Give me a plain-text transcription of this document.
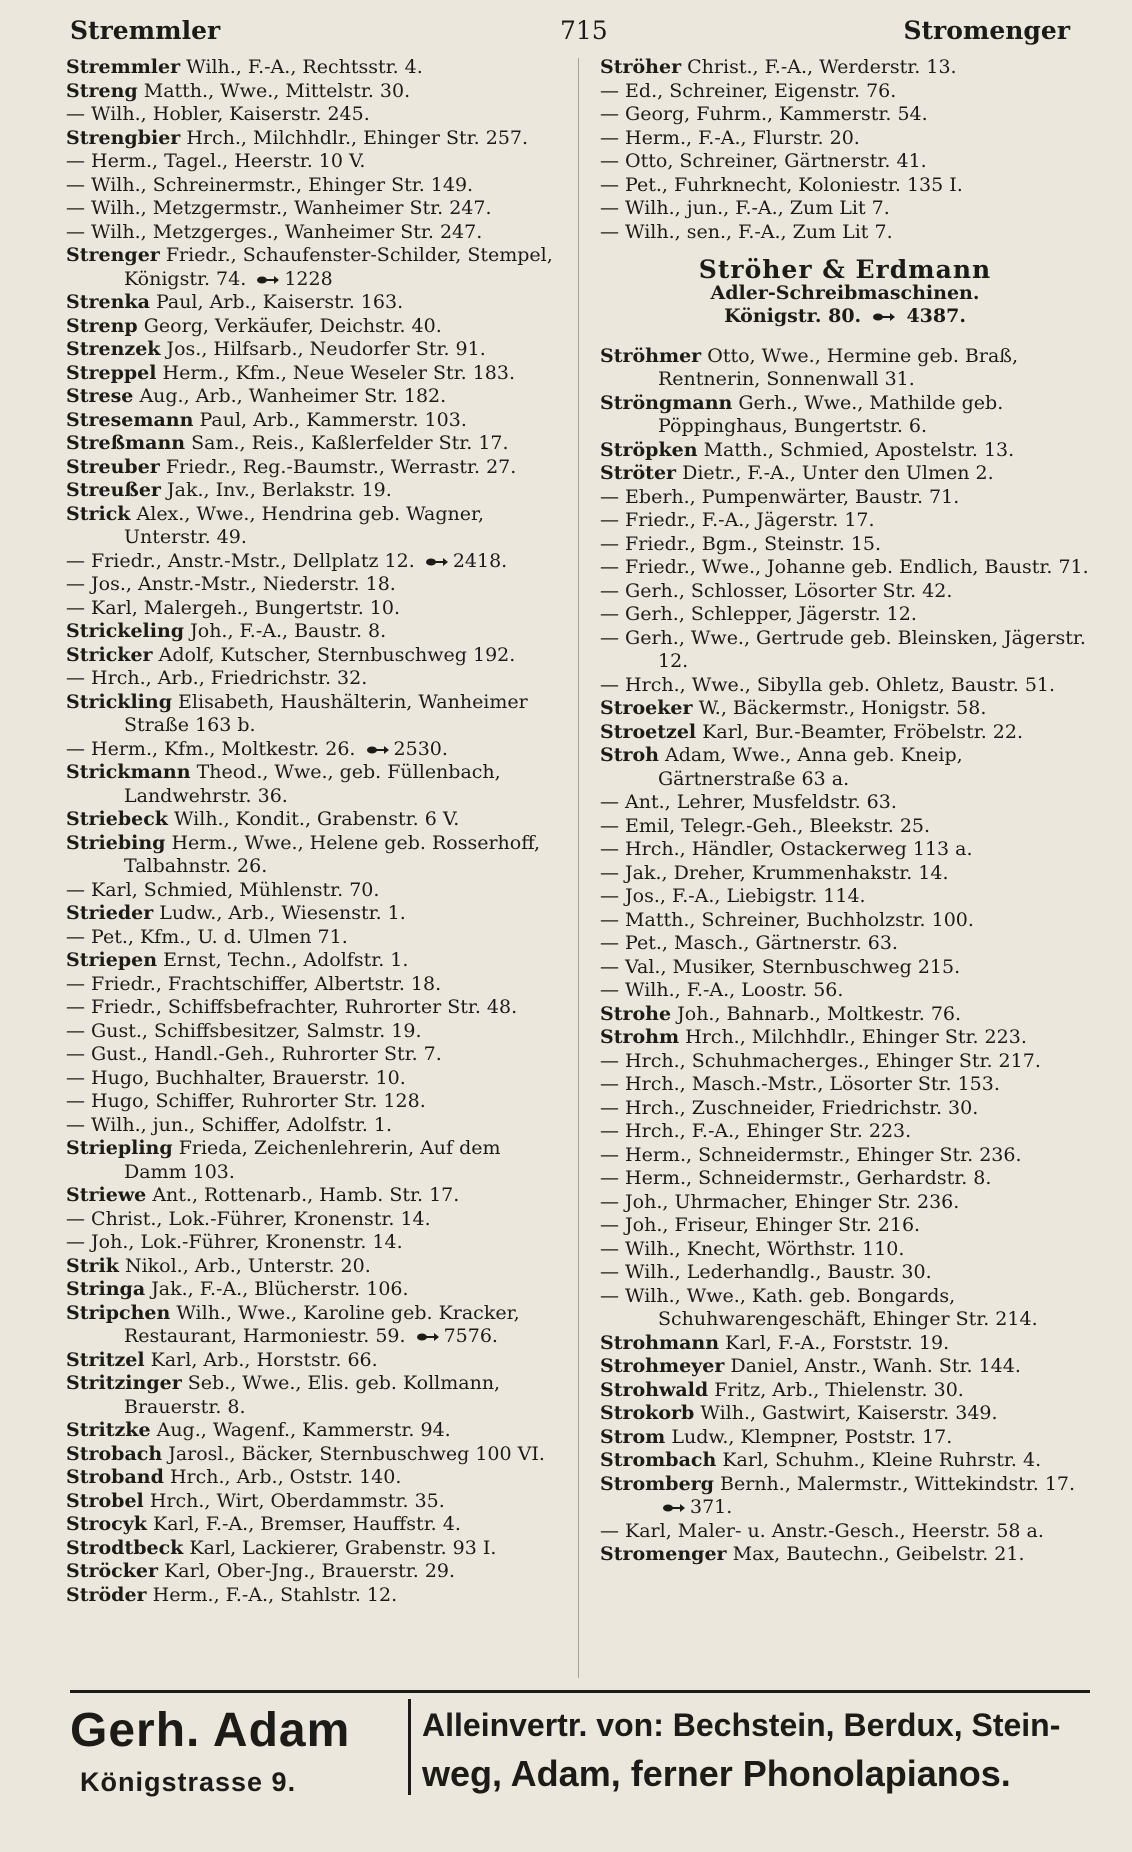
Stremmler	715	Stromenger

Stremmler Wilh., F.-A., Rechtsstr. 4.

Streng Matth., Wwe., Mittelstr. 30.

— Wilh., Hobler, Kaiserstr. 245.

Strengbier Hrch., Milchhdlr., Ehinger Str. 257.

— Herm., Tagel., Heerstr. 10 V.

— Wilh., Schreinermstr., Ehinger Str. 149.

— Wilh., Metzgermstr., Wanheimer Str. 247.

— Wilh., Metzgerges., Wanheimer Str. 247.

Strenger Friedr., Schaufenster-Schilder, Stempel, Königstr. 74. 1228

Strenka Paul, Arb., Kaiserstr. 163.

Strenp Georg, Verkäufer, Deichstr. 40.

Strenzek Jos., Hilfsarb., Neudorfer Str. 91.

Streppel Herm., Kfm., Neue Weseler Str. 183.

Strese Aug., Arb., Wanheimer Str. 182.

Stresemann Paul, Arb., Kammerstr. 103.

Streßmann Sam., Reis., Kaßlerfelder Str. 17.

Streuber Friedr., Reg.-Baumstr., Werrastr. 27.

Streußer Jak., Inv., Berlakstr. 19.

Strick Alex., Wwe., Hendrina geb. Wagner, Unterstr. 49.

— Friedr., Anstr.-Mstr., Dellplatz 12. 2418.

— Jos., Anstr.-Mstr., Niederstr. 18.

— Karl, Malergeh., Bungertstr. 10.

Strickeling Joh., F.-A., Baustr. 8.

Stricker Adolf, Kutscher, Sternbuschweg 192.

— Hrch., Arb., Friedrichstr. 32.

Strickling Elisabeth, Haushälterin, Wanheimer Straße 163 b.

— Herm., Kfm., Moltkestr. 26. 2530.

Strickmann Theod., Wwe., geb. Füllenbach, Landwehrstr. 36.

Striebeck Wilh., Kondit., Grabenstr. 6 V.

Striebing Herm., Wwe., Helene geb. Rosserhoff, Talbahnstr. 26.

— Karl, Schmied, Mühlenstr. 70.

Strieder Ludw., Arb., Wiesenstr. 1.

— Pet., Kfm., U. d. Ulmen 71.

Striepen Ernst, Techn., Adolfstr. 1.

— Friedr., Frachtschiffer, Albertstr. 18.

— Friedr., Schiffsbefrachter, Ruhrorter Str. 48.

— Gust., Schiffsbesitzer, Salmstr. 19.

— Gust., Handl.-Geh., Ruhrorter Str. 7.

— Hugo, Buchhalter, Brauerstr. 10.

— Hugo, Schiffer, Ruhrorter Str. 128.

— Wilh., jun., Schiffer, Adolfstr. 1.

Striepling Frieda, Zeichenlehrerin, Auf dem Damm 103.

Striewe Ant., Rottenarb., Hamb. Str. 17.

— Christ., Lok.-Führer, Kronenstr. 14.

— Joh., Lok.-Führer, Kronenstr. 14.

Strik Nikol., Arb., Unterstr. 20.

Stringa Jak., F.-A., Blücherstr. 106.

Stripchen Wilh., Wwe., Karoline geb. Kracker, Restaurant, Harmoniestr. 59. 7576.

Stritzel Karl, Arb., Horststr. 66.

Stritzinger Seb., Wwe., Elis. geb. Kollmann, Brauerstr. 8.

Stritzke Aug., Wagenf., Kammerstr. 94.

Strobach Jarosl., Bäcker, Sternbuschweg 100 VI.

Stroband Hrch., Arb., Oststr. 140.

Strobel Hrch., Wirt, Oberdammstr. 35.

Strocyk Karl, F.-A., Bremser, Hauffstr. 4.

Strodtbeck Karl, Lackierer, Grabenstr. 93 I.

Ströcker Karl, Ober-Jng., Brauerstr. 29.

Ströder Herm., F.-A., Stahlstr. 12.

Ströher Christ., F.-A., Werderstr. 13.

— Ed., Schreiner, Eigenstr. 76.

— Georg, Fuhrm., Kammerstr. 54.

— Herm., F.-A., Flurstr. 20.

— Otto, Schreiner, Gärtnerstr. 41.

— Pet., Fuhrknecht, Koloniestr. 135 I.

— Wilh., jun., F.-A., Zum Lit 7.

— Wilh., sen., F.-A., Zum Lit 7.

Ströher & Erdmann
Adler-Schreibmaschinen.
Königstr. 80. 4387.

Ströhmer Otto, Wwe., Hermine geb. Braß, Rentnerin, Sonnenwall 31.

Ströngmann Gerh., Wwe., Mathilde geb. Pöppinghaus, Bungertstr. 6.

Ströpken Matth., Schmied, Apostelstr. 13.

Ströter Dietr., F.-A., Unter den Ulmen 2.

— Eberh., Pumpenwärter, Baustr. 71.

— Friedr., F.-A., Jägerstr. 17.

— Friedr., Bgm., Steinstr. 15.

— Friedr., Wwe., Johanne geb. Endlich, Baustr. 71.

— Gerh., Schlosser, Lösorter Str. 42.

— Gerh., Schlepper, Jägerstr. 12.

— Gerh., Wwe., Gertrude geb. Bleinsken, Jägerstr. 12.

— Hrch., Wwe., Sibylla geb. Ohletz, Baustr. 51.

Stroeker W., Bäckermstr., Honigstr. 58.

Stroetzel Karl, Bur.-Beamter, Fröbelstr. 22.

Stroh Adam, Wwe., Anna geb. Kneip, Gärtnerstraße 63 a.

— Ant., Lehrer, Musfeldstr. 63.

— Emil, Telegr.-Geh., Bleekstr. 25.

— Hrch., Händler, Ostackerweg 113 a.

— Jak., Dreher, Krummenhakstr. 14.

— Jos., F.-A., Liebigstr. 114.

— Matth., Schreiner, Buchholzstr. 100.

— Pet., Masch., Gärtnerstr. 63.

— Val., Musiker, Sternbuschweg 215.

— Wilh., F.-A., Loostr. 56.

Strohe Joh., Bahnarb., Moltkestr. 76.

Strohm Hrch., Milchhdlr., Ehinger Str. 223.

— Hrch., Schuhmacherges., Ehinger Str. 217.

— Hrch., Masch.-Mstr., Lösorter Str. 153.

— Hrch., Zuschneider, Friedrichstr. 30.

— Hrch., F.-A., Ehinger Str. 223.

— Herm., Schneidermstr., Ehinger Str. 236.

— Herm., Schneidermstr., Gerhardstr. 8.

— Joh., Uhrmacher, Ehinger Str. 236.

— Joh., Friseur, Ehinger Str. 216.

— Wilh., Knecht, Wörthstr. 110.

— Wilh., Lederhandlg., Baustr. 30.

— Wilh., Wwe., Kath. geb. Bongards, Schuhwarengeschäft, Ehinger Str. 214.

Strohmann Karl, F.-A., Forststr. 19.

Strohmeyer Daniel, Anstr., Wanh. Str. 144.

Strohwald Fritz, Arb., Thielenstr. 30.

Strokorb Wilh., Gastwirt, Kaiserstr. 349.

Strom Ludw., Klempner, Poststr. 17.

Strombach Karl, Schuhm., Kleine Ruhrstr. 4.

Stromberg Bernh., Malermstr., Wittekindstr. 17. 371.

— Karl, Maler- u. Anstr.-Gesch., Heerstr. 58 a.

Stromenger Max, Bautechn., Geibelstr. 21.

Gerh. Adam
Königstrasse 9.
Alleinvertr. von: Bechstein, Berdux, Stein-
weg, Adam, ferner Phonolapianos.
